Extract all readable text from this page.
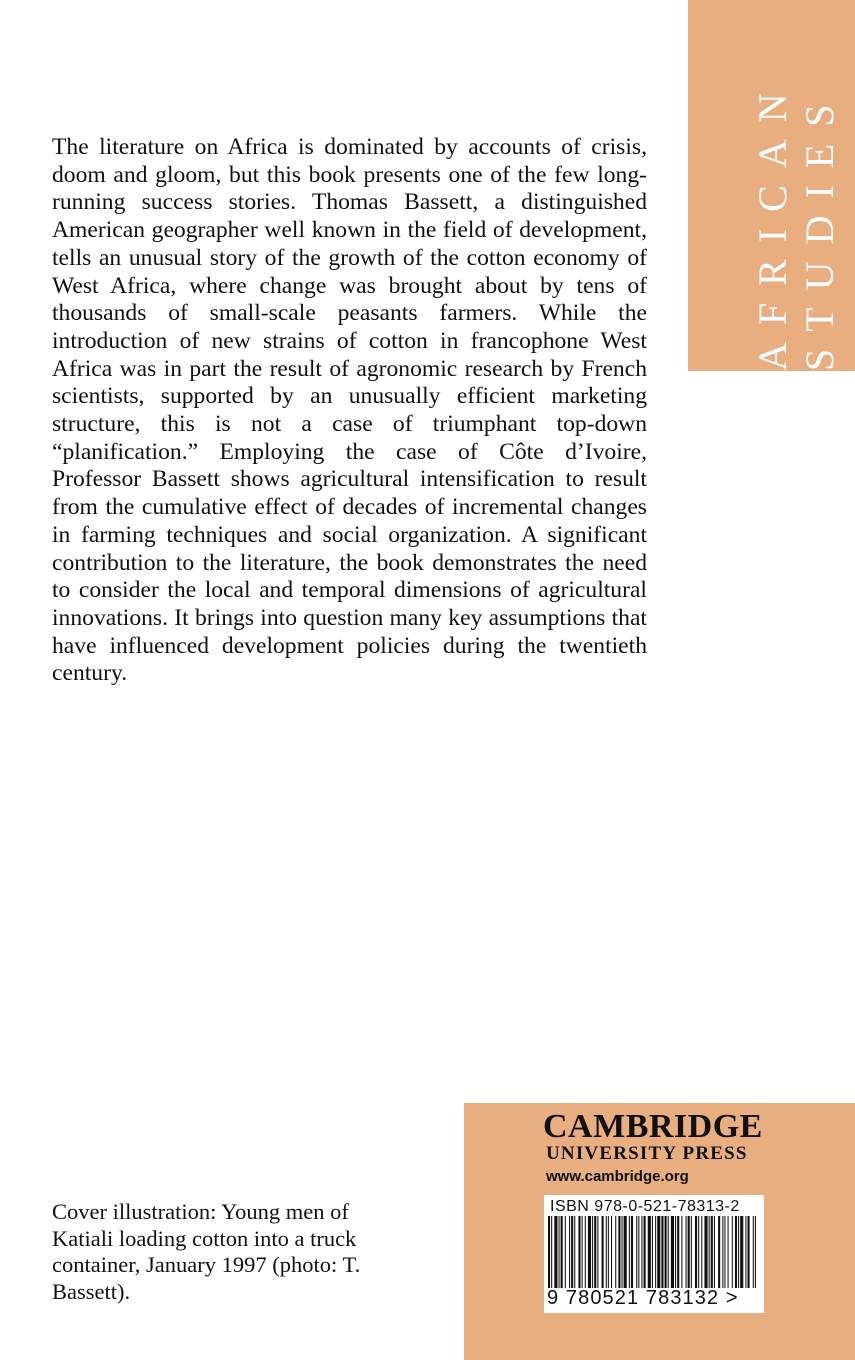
AFRICAN STUDIES

The literature on Africa is dominated by accounts of crisis, doom and gloom, but this book presents one of the few long-running success stories. Thomas Bassett, a distinguished American geographer well known in the field of development, tells an unusual story of the growth of the cotton economy of West Africa, where change was brought about by tens of thousands of small-scale peasants farmers. While the introduction of new strains of cotton in francophone West Africa was in part the result of agronomic research by French scientists, supported by an unusually efficient marketing structure, this is not a case of triumphant top-down “planification.” Employing the case of Côte d’Ivoire, Professor Bassett shows agricultural intensification to result from the cumulative effect of decades of incremental changes in farming techniques and social organization. A significant contribution to the literature, the book demonstrates the need to consider the local and temporal dimensions of agricultural innovations. It brings into question many key assumptions that have influenced development policies during the twentieth century.

Cover illustration: Young men of Katiali loading cotton into a truck container, January 1997 (photo: T. Bassett).

CAMBRIDGE

UNIVERSITY PRESS

www.cambridge.org

ISBN 978-0-521-78313-2

9 780521 783132 >
